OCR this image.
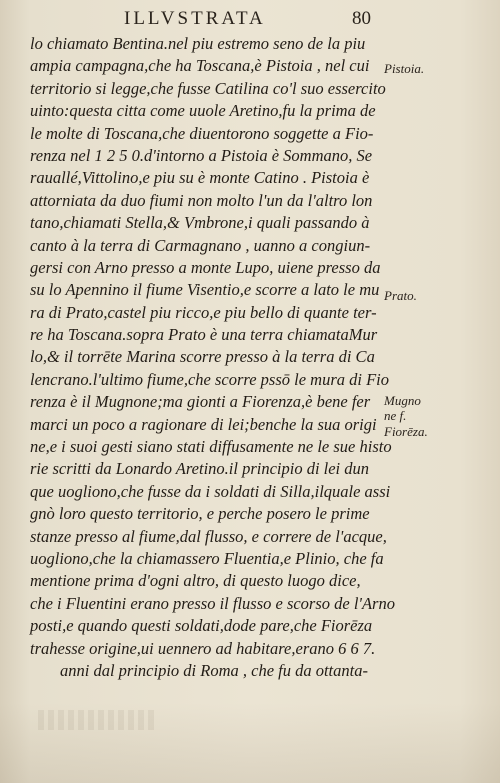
ILLVSTRATA	80
lo chiamato Bentina.nel piu estremo seno de la piu
ampia campagna,che ha Toscana,è Pistoia , nel cui
territorio si legge,che fusse Catilina co'l suo essercito
uinto:questa citta come uuole Aretino,fu la prima de
le molte di Toscana,che diuentorono soggette a Fio-
renza nel 1 2 5 0.d'intorno a Pistoia è Sommano, Se
rauallé,Vittolino,e piu su è monte Catino . Pistoia è
attorniata da duo fiumi non molto l'un da l'altro lon
tano,chiamati Stella,& Vmbrone,i quali passando à
canto à la terra di Carmagnano , uanno a congiun-
gersi con Arno presso a monte Lupo, uiene presso da
su lo Apennino il fiume Visentio,e scorre a lato le mu
ra di Prato,castel piu ricco,e piu bello di quante ter-
re ha Toscana.sopra Prato è una terra chiamataMur
lo,& il torrēte Marina scorre presso à la terra di Ca
lencrano.l'ultimo fiume,che scorre pssō le mura di Fio
renza è il Mugnone;ma gionti a Fiorenza,è bene fer
marci un poco a ragionare di lei;benche la sua origi
ne,e i suoi gesti siano stati diffusamente ne le sue histo
rie scritti da Lonardo Aretino.il principio di lei dun
que uogliono,che fusse da i soldati di Silla,ilquale assi
gnò loro questo territorio, e perche posero le prime
stanze presso al fiume,dal flusso, e correre de l'acque,
uogliono,che la chiamassero Fluentia,e Plinio, che fa
mentione prima d'ogni altro, di questo luogo dice,
che i Fluentini erano presso il flusso e scorso de l'Arno
posti,e quando questi soldati,dode pare,che Fiorēza
trahesse origine,ui uennero ad habitare,erano 6 6 7.
anni dal principio di Roma , che fu da ottanta-
Pistoia.
Prato.
Mugno
ne f.
Fiorēza.
